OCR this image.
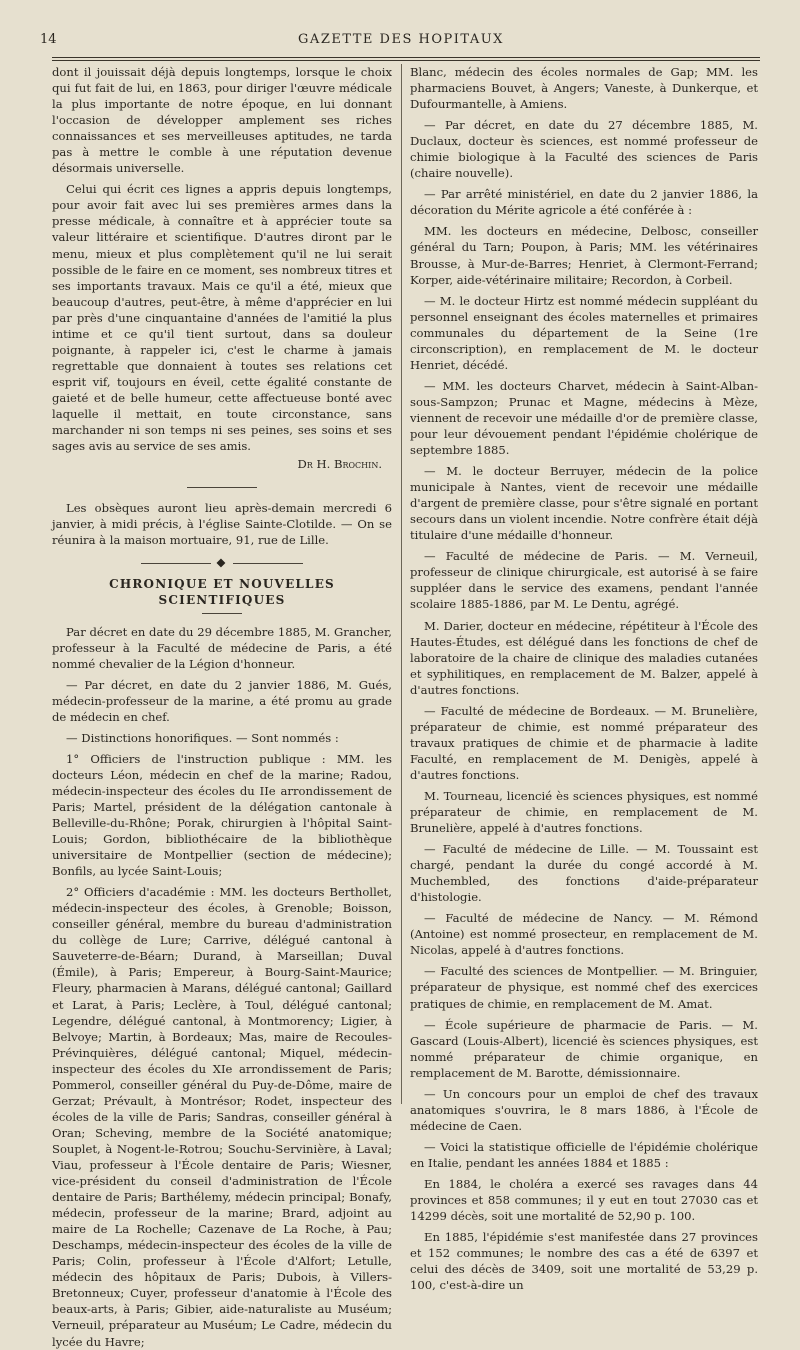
14	GAZETTE DES HOPITAUX

dont il jouissait déjà depuis longtemps, lorsque le choix qui fut fait de lui, en 1863, pour diriger l'œuvre médicale la plus importante de notre époque, en lui donnant l'occasion de développer amplement ses riches connaissances et ses merveilleuses aptitudes, ne tarda pas à mettre le comble à une réputation devenue désormais universelle.

Celui qui écrit ces lignes a appris depuis longtemps, pour avoir fait avec lui ses premières armes dans la presse médicale, à connaître et à apprécier toute sa valeur littéraire et scientifique. D'autres diront par le menu, mieux et plus complètement qu'il ne lui serait possible de le faire en ce moment, ses nombreux titres et ses importants travaux. Mais ce qu'il a été, mieux que beaucoup d'autres, peut-être, à même d'apprécier en lui par près d'une cinquantaine d'années de l'amitié la plus intime et ce qu'il tient surtout, dans sa douleur poignante, à rappeler ici, c'est le charme à jamais regrettable que donnaient à toutes ses relations cet esprit vif, toujours en éveil, cette égalité constante de gaieté et de belle humeur, cette affectueuse bonté avec laquelle il mettait, en toute circonstance, sans marchander ni son temps ni ses peines, ses soins et ses sages avis au service de ses amis.

Dr H. Brochin.

Les obsèques auront lieu après-demain mercredi 6 janvier, à midi précis, à l'église Sainte-Clotilde. — On se réunira à la maison mortuaire, 91, rue de Lille.

◆
CHRONIQUE ET NOUVELLES SCIENTIFIQUES

Par décret en date du 29 décembre 1885, M. Grancher, professeur à la Faculté de médecine de Paris, a été nommé chevalier de la Légion d'honneur.

— Par décret, en date du 2 janvier 1886, M. Gués, médecin-professeur de la marine, a été promu au grade de médecin en chef.

— Distinctions honorifiques. — Sont nommés :

1° Officiers de l'instruction publique : MM. les docteurs Léon, médecin en chef de la marine; Radou, médecin-inspecteur des écoles du IIe arrondissement de Paris; Martel, président de la délégation cantonale à Belleville-du-Rhône; Porak, chirurgien à l'hôpital Saint-Louis; Gordon, bibliothécaire de la bibliothèque universitaire de Montpellier (section de médecine); Bonfils, au lycée Saint-Louis;

2° Officiers d'académie : MM. les docteurs Berthollet, médecin-inspecteur des écoles, à Grenoble; Boisson, conseiller général, membre du bureau d'administration du collège de Lure; Carrive, délégué cantonal à Sauveterre-de-Béarn; Durand, à Marseillan; Duval (Émile), à Paris; Empereur, à Bourg-Saint-Maurice; Fleury, pharmacien à Marans, délégué cantonal; Gaillard et Larat, à Paris; Leclère, à Toul, délégué cantonal; Legendre, délégué cantonal, à Montmorency; Ligier, à Belvoye; Martin, à Bordeaux; Mas, maire de Recoules-Prévinquières, délégué cantonal; Miquel, médecin-inspecteur des écoles du XIe arrondissement de Paris; Pommerol, conseiller général du Puy-de-Dôme, maire de Gerzat; Prévault, à Montrésor; Rodet, inspecteur des écoles de la ville de Paris; Sandras, conseiller général à Oran; Scheving, membre de la Société anatomique; Souplet, à Nogent-le-Rotrou; Souchu-Servinière, à Laval; Viau, professeur à l'École dentaire de Paris; Wiesner, vice-président du conseil d'administration de l'École dentaire de Paris; Barthélemy, médecin principal; Bonafy, médecin, professeur de la marine; Brard, adjoint au maire de La Rochelle; Cazenave de La Roche, à Pau; Deschamps, médecin-inspecteur des écoles de la ville de Paris; Colin, professeur à l'École d'Alfort; Letulle, médecin des hôpitaux de Paris; Dubois, à Villers-Bretonneux; Cuyer, professeur d'anatomie à l'École des beaux-arts, à Paris; Gibier, aide-naturaliste au Muséum; Verneuil, préparateur au Muséum; Le Cadre, médecin du lycée du Havre;

Blanc, médecin des écoles normales de Gap; MM. les pharmaciens Bouvet, à Angers; Vaneste, à Dunkerque, et Dufourmantelle, à Amiens.

— Par décret, en date du 27 décembre 1885, M. Duclaux, docteur ès sciences, est nommé professeur de chimie biologique à la Faculté des sciences de Paris (chaire nouvelle).

— Par arrêté ministériel, en date du 2 janvier 1886, la décoration du Mérite agricole a été conférée à :

MM. les docteurs en médecine, Delbosc, conseiller général du Tarn; Poupon, à Paris; MM. les vétérinaires Brousse, à Mur-de-Barres; Henriet, à Clermont-Ferrand; Korper, aide-vétérinaire militaire; Recordon, à Corbeil.

— M. le docteur Hirtz est nommé médecin suppléant du personnel enseignant des écoles maternelles et primaires communales du département de la Seine (1re circonscription), en remplacement de M. le docteur Henriet, décédé.

— MM. les docteurs Charvet, médecin à Saint-Alban-sous-Sampzon; Prunac et Magne, médecins à Mèze, viennent de recevoir une médaille d'or de première classe, pour leur dévouement pendant l'épidémie cholérique de septembre 1885.

— M. le docteur Berruyer, médecin de la police municipale à Nantes, vient de recevoir une médaille d'argent de première classe, pour s'être signalé en portant secours dans un violent incendie. Notre confrère était déjà titulaire d'une médaille d'honneur.

— Faculté de médecine de Paris. — M. Verneuil, professeur de clinique chirurgicale, est autorisé à se faire suppléer dans le service des examens, pendant l'année scolaire 1885-1886, par M. Le Dentu, agrégé.

M. Darier, docteur en médecine, répétiteur à l'École des Hautes-Études, est délégué dans les fonctions de chef de laboratoire de la chaire de clinique des maladies cutanées et syphilitiques, en remplacement de M. Balzer, appelé à d'autres fonctions.

— Faculté de médecine de Bordeaux. — M. Brunelière, préparateur de chimie, est nommé préparateur des travaux pratiques de chimie et de pharmacie à ladite Faculté, en remplacement de M. Denigès, appelé à d'autres fonctions.

M. Tourneau, licencié ès sciences physiques, est nommé préparateur de chimie, en remplacement de M. Brunelière, appelé à d'autres fonctions.

— Faculté de médecine de Lille. — M. Toussaint est chargé, pendant la durée du congé accordé à M. Muchembled, des fonctions d'aide-préparateur d'histologie.

— Faculté de médecine de Nancy. — M. Rémond (Antoine) est nommé prosecteur, en remplacement de M. Nicolas, appelé à d'autres fonctions.

— Faculté des sciences de Montpellier. — M. Bringuier, préparateur de physique, est nommé chef des exercices pratiques de chimie, en remplacement de M. Amat.

— École supérieure de pharmacie de Paris. — M. Gascard (Louis-Albert), licencié ès sciences physiques, est nommé préparateur de chimie organique, en remplacement de M. Barotte, démissionnaire.

— Un concours pour un emploi de chef des travaux anatomiques s'ouvrira, le 8 mars 1886, à l'École de médecine de Caen.

— Voici la statistique officielle de l'épidémie cholérique en Italie, pendant les années 1884 et 1885 :

En 1884, le choléra a exercé ses ravages dans 44 provinces et 858 communes; il y eut en tout 27030 cas et 14299 décès, soit une mortalité de 52,90 p. 100.

En 1885, l'épidémie s'est manifestée dans 27 provinces et 152 communes; le nombre des cas a été de 6397 et celui des décès de 3409, soit une mortalité de 53,29 p. 100, c'est-à-dire un
